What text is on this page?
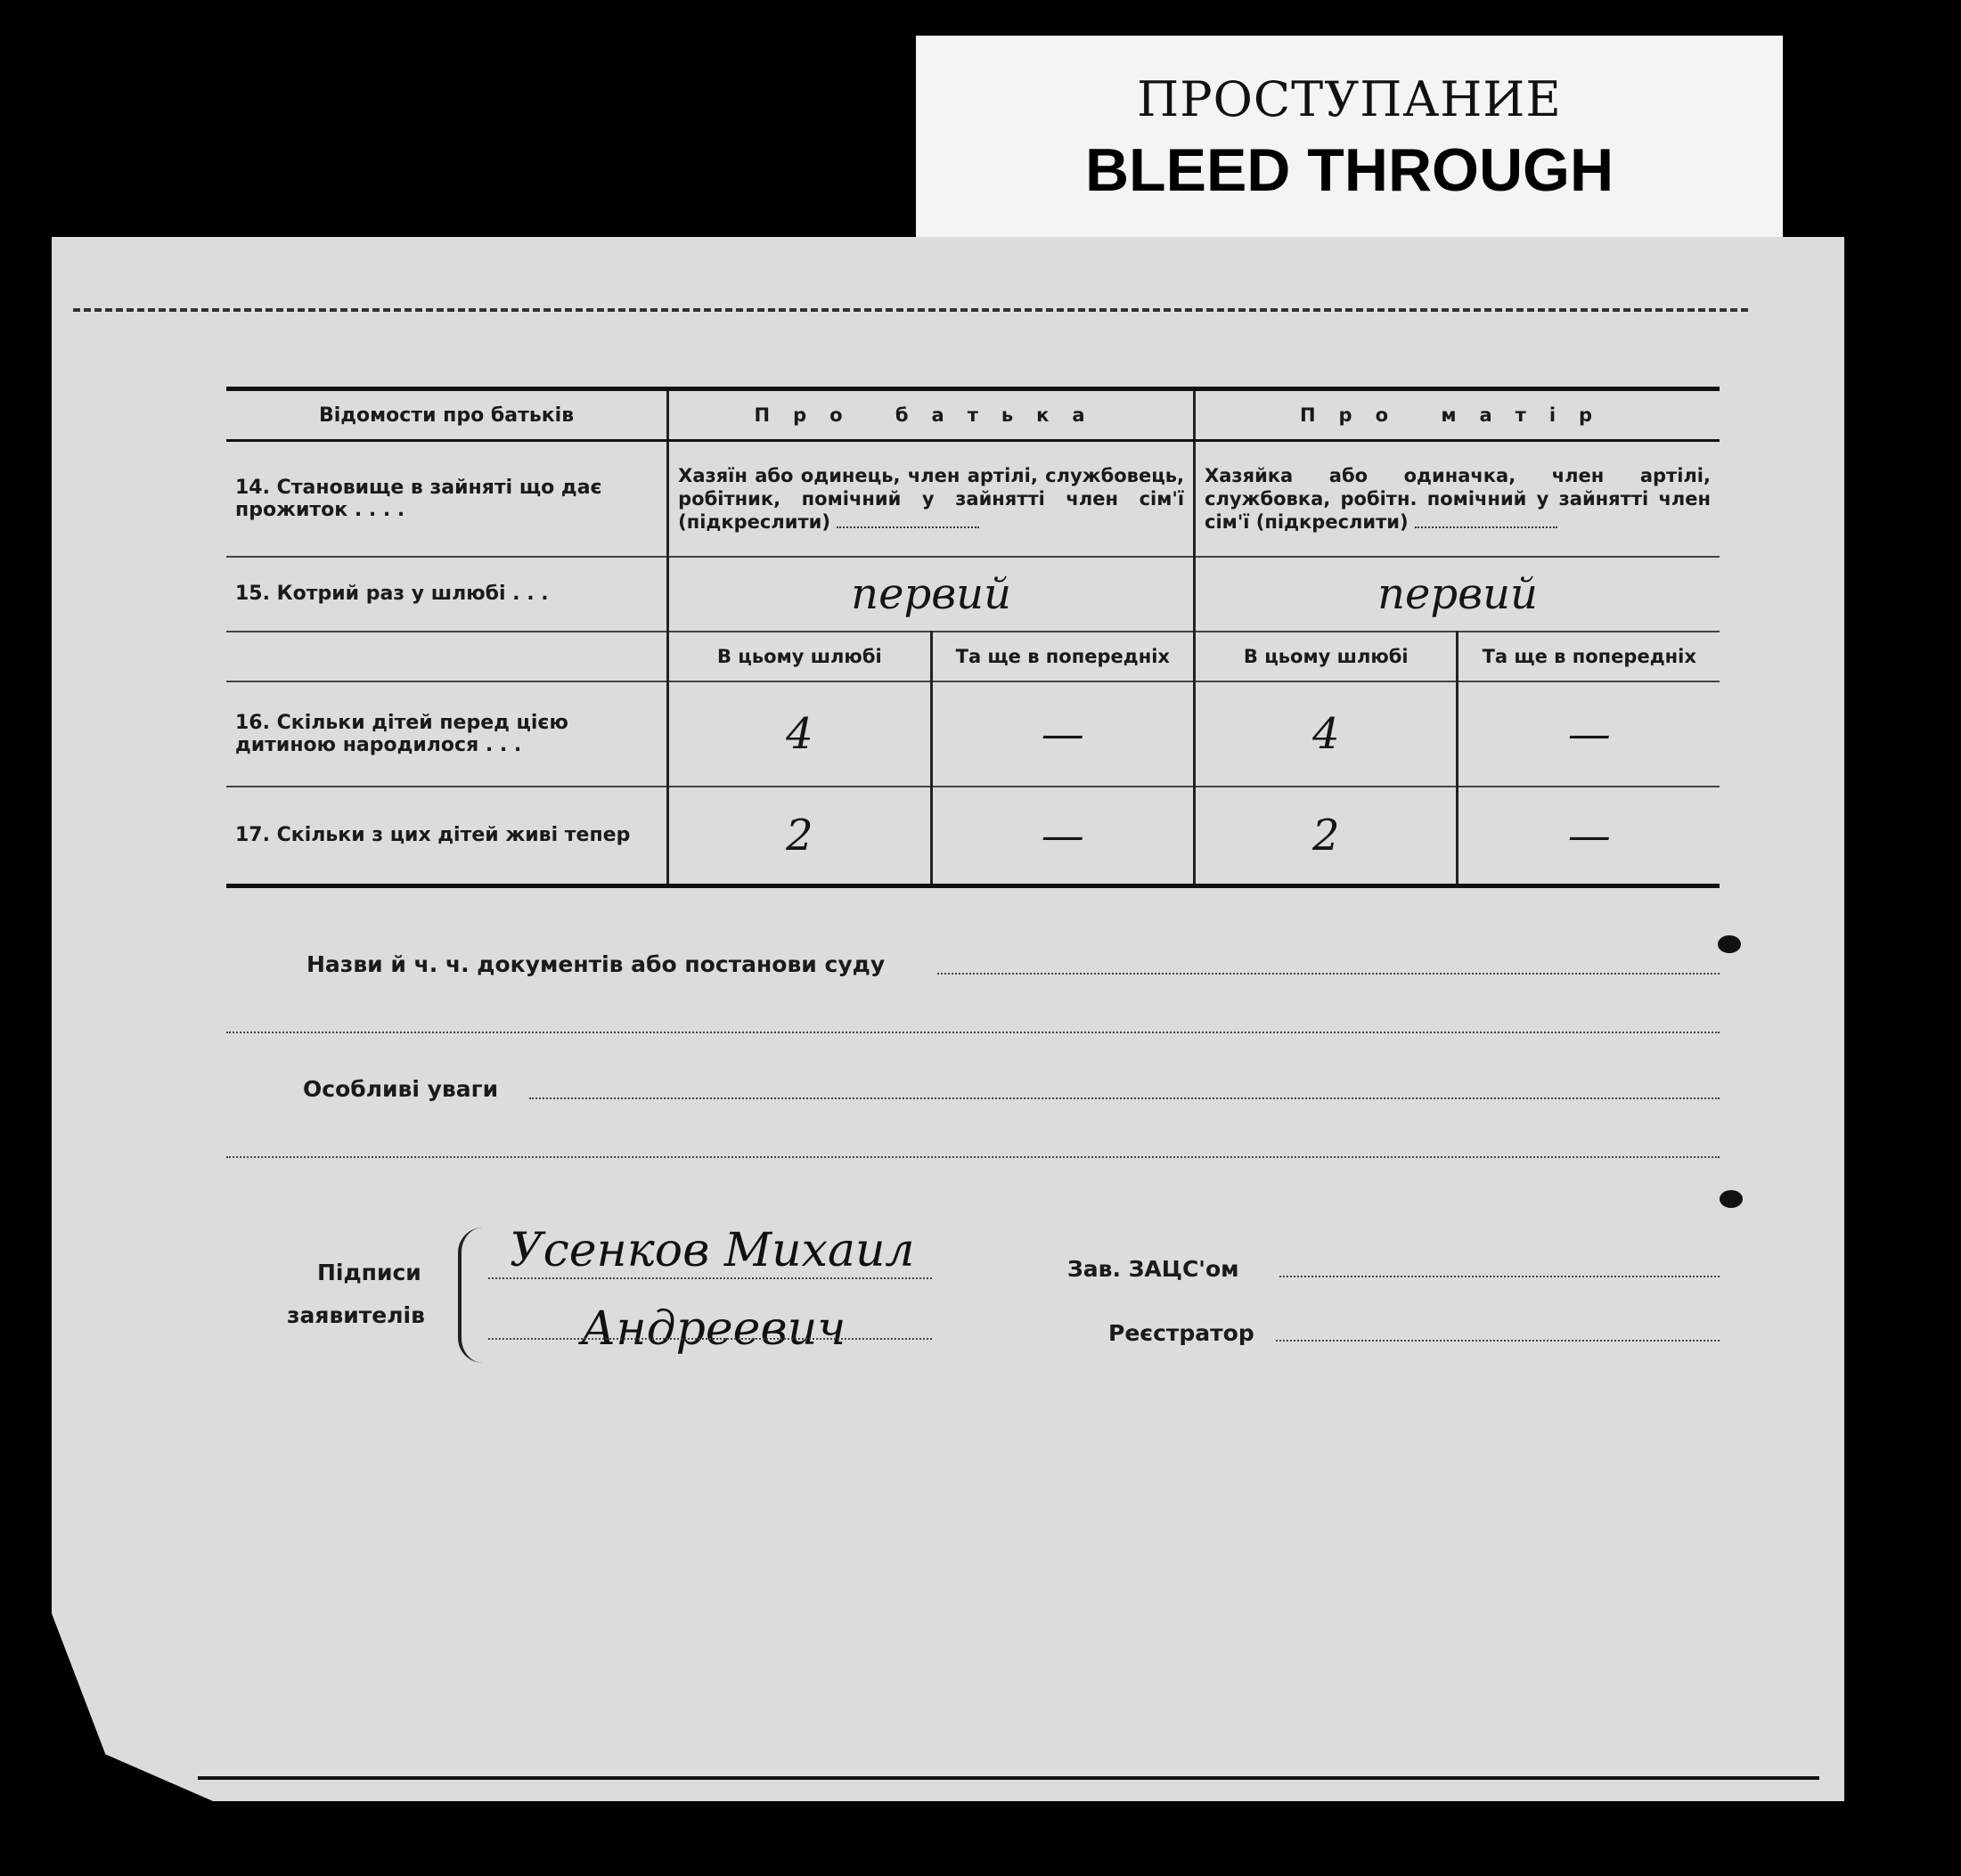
ПРОСТУПАНИЕ
BLEED THROUGH
Відомости про батьків	Про батька		Про матір	
14. Становище в зайняті що дає прожиток . . . .	Хазяїн або одинець, член артілі, службовець, робітник, помічний у зайнятті член сім'ї (підкреслити)		Хазяйка або одиначка, член артілі, службовка, робітн. помічний у зайнятті член сім'ї (підкреслити)	
15. Котрий раз у шлюбі . . .	первий		первий	
	В цьому шлюбі	Та ще в попередніх	В цьому шлюбі	Та ще в попередніх
16. Скільки дітей перед цією дитиною народилося . . .	4	—	4	—
17. Скільки з цих дітей живі тепер	2	—	2	—
Назви й ч. ч. документів або постанови суду
Особливі уваги
Підписи
заявителів
Усенков Михаил
Андреевич
Зав. ЗАЦС'ом
Реєстратор
